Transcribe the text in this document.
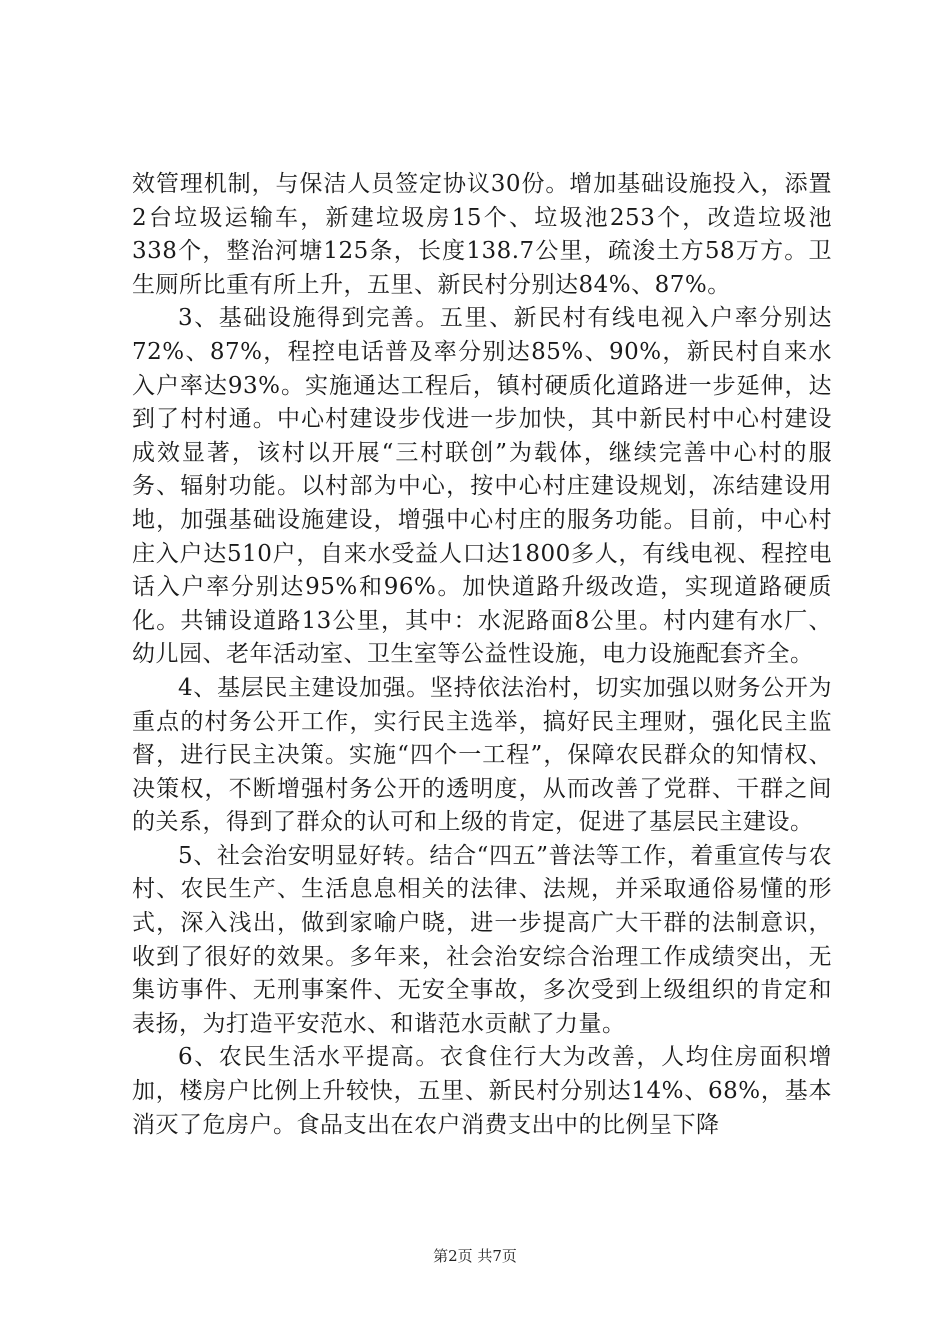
效管理机制，与保洁人员签定协议30份。增加基础设施投入，添置2台垃圾运输车，新建垃圾房15个、垃圾池253个，改造垃圾池338个，整治河塘125条，长度138.7公里，疏浚土方58万方。卫生厕所比重有所上升，五里、新民村分别达84%、87%。

3、基础设施得到完善。五里、新民村有线电视入户率分别达72%、87%，程控电话普及率分别达85%、90%，新民村自来水入户率达93%。实施通达工程后，镇村硬质化道路进一步延伸，达到了村村通。中心村建设步伐进一步加快，其中新民村中心村建设成效显著，该村以开展“三村联创”为载体，继续完善中心村的服务、辐射功能。以村部为中心，按中心村庄建设规划，冻结建设用地，加强基础设施建设，增强中心村庄的服务功能。目前，中心村庄入户达510户，自来水受益人口达1800多人，有线电视、程控电话入户率分别达95%和96%。加快道路升级改造，实现道路硬质化。共铺设道路13公里，其中：水泥路面8公里。村内建有水厂、幼儿园、老年活动室、卫生室等公益性设施，电力设施配套齐全。

4、基层民主建设加强。坚持依法治村，切实加强以财务公开为重点的村务公开工作，实行民主选举，搞好民主理财，强化民主监督，进行民主决策。实施“四个一工程”，保障农民群众的知情权、决策权，不断增强村务公开的透明度，从而改善了党群、干群之间的关系，得到了群众的认可和上级的肯定，促进了基层民主建设。

5、社会治安明显好转。结合“四五”普法等工作，着重宣传与农村、农民生产、生活息息相关的法律、法规，并采取通俗易懂的形式，深入浅出，做到家喻户晓，进一步提高广大干群的法制意识，收到了很好的效果。多年来，社会治安综合治理工作成绩突出，无集访事件、无刑事案件、无安全事故，多次受到上级组织的肯定和表扬，为打造平安范水、和谐范水贡献了力量。

6、农民生活水平提高。衣食住行大为改善，人均住房面积增加，楼房户比例上升较快，五里、新民村分别达14%、68%，基本消灭了危房户。食品支出在农户消费支出中的比例呈下降

第2页 共7页
